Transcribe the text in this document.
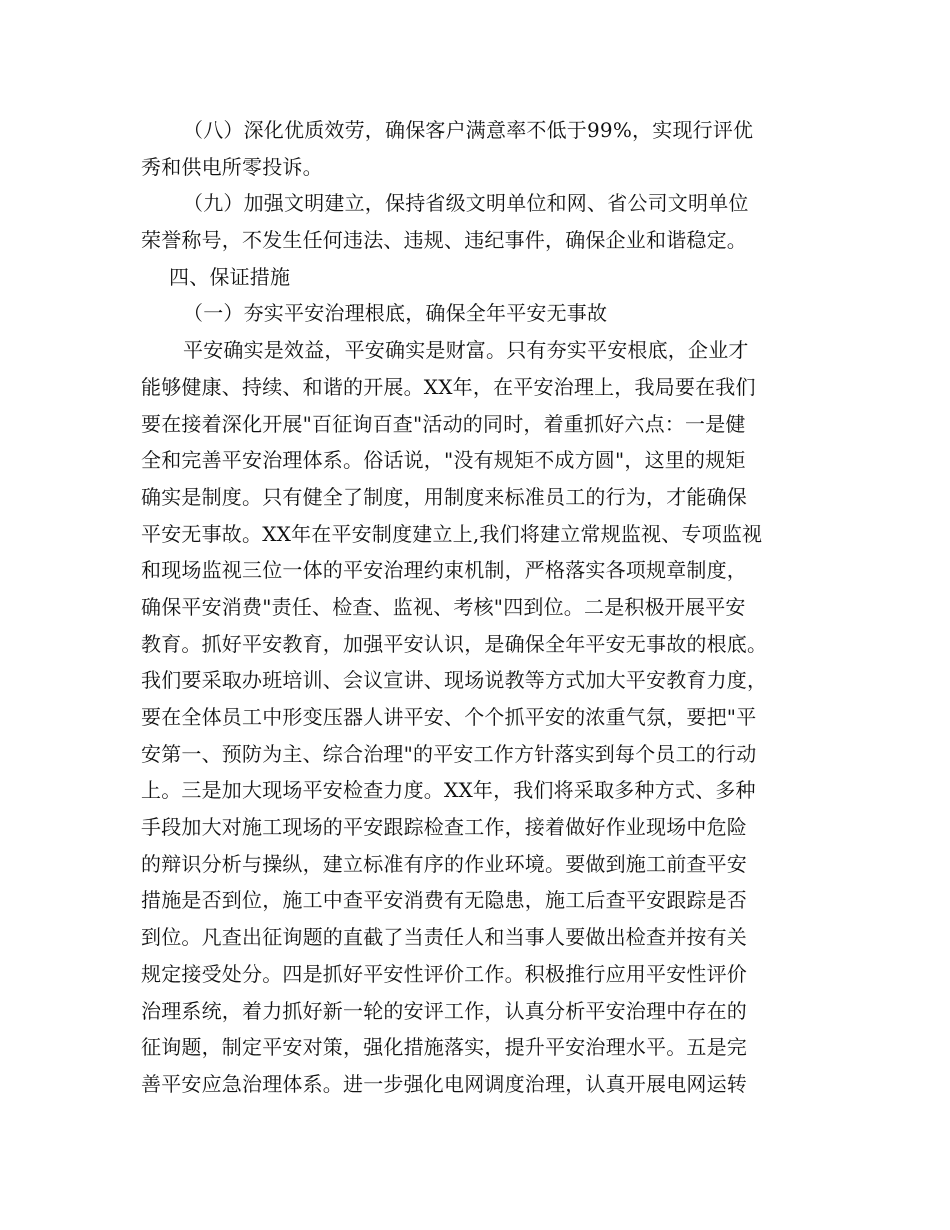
（八）深化优质效劳，确保客户满意率不低于99%，实现行评优
秀和供电所零投诉。
（九）加强文明建立，保持省级文明单位和网、省公司文明单位
荣誉称号，不发生任何违法、违规、违纪事件，确保企业和谐稳定。
四、保证措施
（一）夯实平安治理根底，确保全年平安无事故
平安确实是效益，平安确实是财富。只有夯实平安根底，企业才
能够健康、持续、和谐的开展。XX年，在平安治理上，我局要在我们
要在接着深化开展"百征询百查"活动的同时，着重抓好六点：一是健
全和完善平安治理体系。俗话说，"没有规矩不成方圆"，这里的规矩
确实是制度。只有健全了制度，用制度来标准员工的行为，才能确保
平安无事故。XX年在平安制度建立上,我们将建立常规监视、专项监视
和现场监视三位一体的平安治理约束机制，严格落实各项规章制度，
确保平安消费"责任、检查、监视、考核"四到位。二是积极开展平安
教育。抓好平安教育，加强平安认识，是确保全年平安无事故的根底。
我们要采取办班培训、会议宣讲、现场说教等方式加大平安教育力度，
要在全体员工中形变压器人讲平安、个个抓平安的浓重气氛，要把"平
安第一、预防为主、综合治理"的平安工作方针落实到每个员工的行动
上。三是加大现场平安检查力度。XX年，我们将采取多种方式、多种
手段加大对施工现场的平安跟踪检查工作，接着做好作业现场中危险
的辩识分析与操纵，建立标准有序的作业环境。要做到施工前查平安
措施是否到位，施工中查平安消费有无隐患，施工后查平安跟踪是否
到位。凡查出征询题的直截了当责任人和当事人要做出检查并按有关
规定接受处分。四是抓好平安性评价工作。积极推行应用平安性评价
治理系统，着力抓好新一轮的安评工作，认真分析平安治理中存在的
征询题，制定平安对策，强化措施落实，提升平安治理水平。五是完
善平安应急治理体系。进一步强化电网调度治理，认真开展电网运转
